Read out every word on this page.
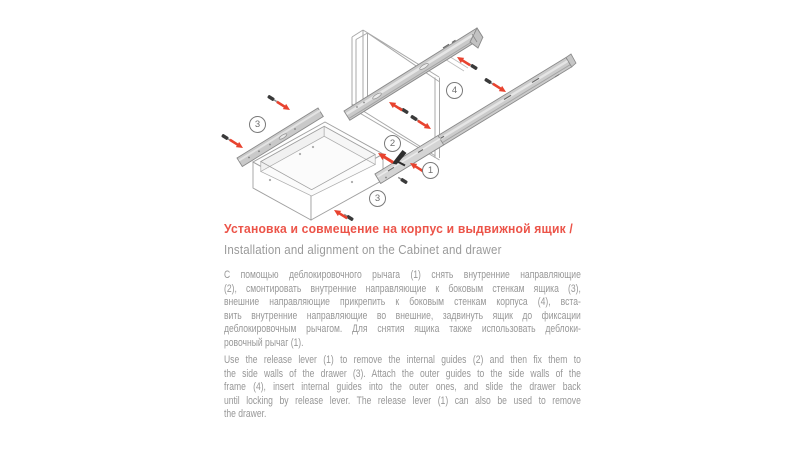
3
2
1
4
3
Установка и совмещение на корпус и выдвижной ящик /
Installation and alignment on the Cabinet and drawer
С помощью деблокировочного рычага (1) снять внутренние направляющие
(2), смонтировать внутренние направляющие к боковым стенкам ящика (3),
внешние направляющие прикрепить к боковым стенкам корпуса (4), вста-
вить внутренние направляющие во внешние, задвинуть ящик до фиксации
деблокировочным рычагом. Для снятия ящика также использовать деблоки-
ровочный рычаг (1).
Use the release lever (1) to remove the internal guides (2) and then fix them to
the side walls of the drawer (3). Attach the outer guides to the side walls of the
frame (4), insert internal guides into the outer ones, and slide the drawer back
until locking by release lever. The release lever (1) can also be used to remove
the drawer.
